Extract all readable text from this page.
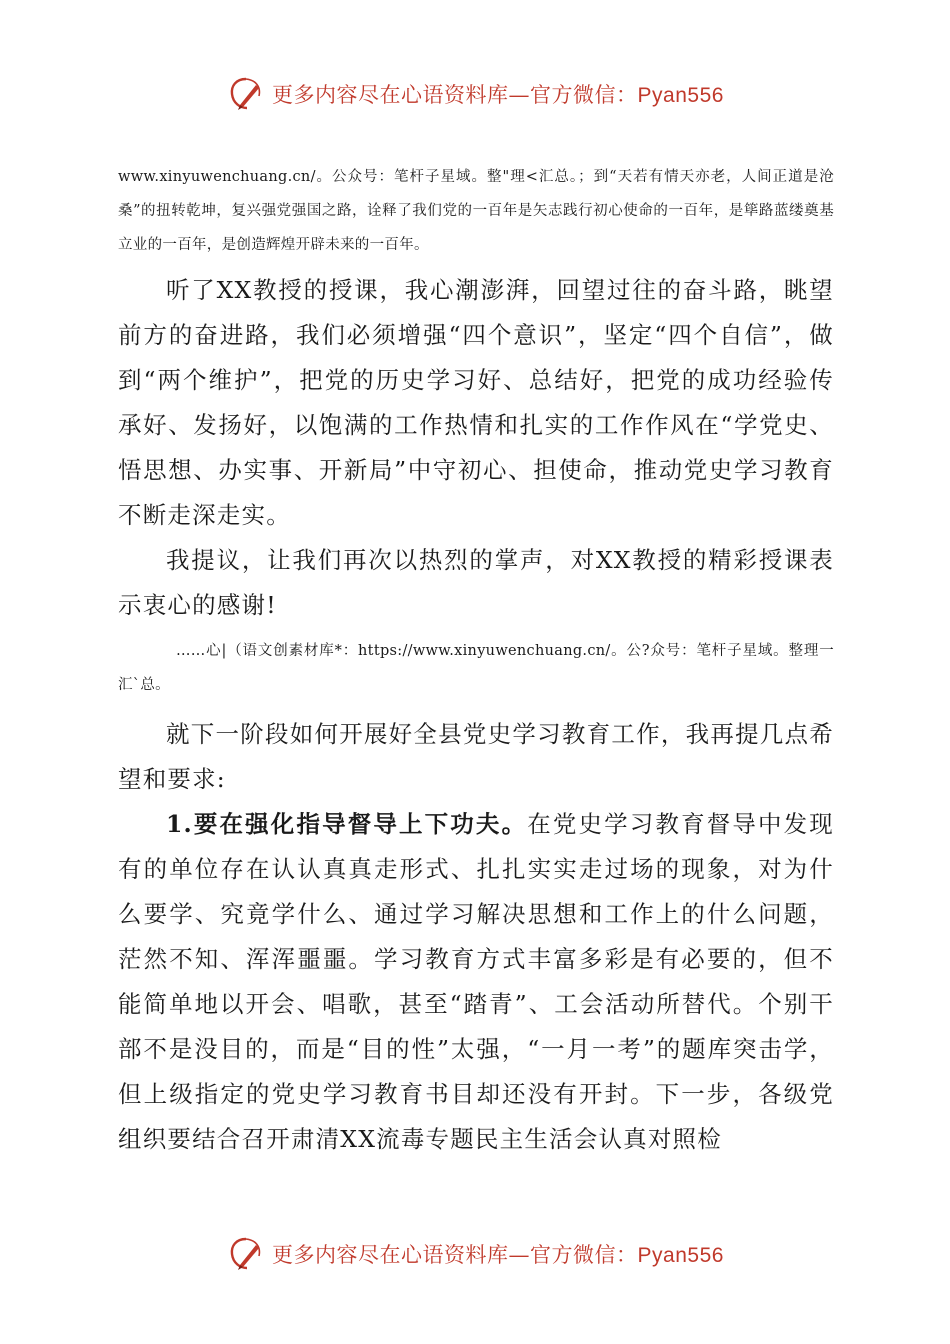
更多内容尽在心语资料库—官方微信：Pyan556

www.xinyuwenchuang.cn/。公众号：笔杆子星域。整"理<汇总。；到“天若有情天亦老，人间正道是沧桑”的扭转乾坤，复兴强党强国之路，诠释了我们党的一百年是矢志践行初心使命的一百年，是筚路蓝缕奠基立业的一百年，是创造辉煌开辟未来的一百年。

听了XX教授的授课，我心潮澎湃，回望过往的奋斗路，眺望前方的奋进路，我们必须增强“四个意识”，坚定“四个自信”，做到“两个维护”，把党的历史学习好、总结好，把党的成功经验传承好、发扬好，以饱满的工作热情和扎实的工作作风在“学党史、悟思想、办实事、开新局”中守初心、担使命，推动党史学习教育不断走深走实。

我提议，让我们再次以热烈的掌声，对XX教授的精彩授课表示衷心的感谢!

……心|（语文创素材库*：https://www.xinyuwenchuang.cn/。公?众号：笔杆子星域。整理一汇`总。

就下一阶段如何开展好全县党史学习教育工作，我再提几点希望和要求:

1.要在强化指导督导上下功夫。在党史学习教育督导中发现有的单位存在认认真真走形式、扎扎实实走过场的现象，对为什么要学、究竟学什么、通过学习解决思想和工作上的什么问题，茫然不知、浑浑噩噩。学习教育方式丰富多彩是有必要的，但不能简单地以开会、唱歌，甚至“踏青”、工会活动所替代。个别干部不是没目的，而是“目的性”太强，“一月一考”的题库突击学，但上级指定的党史学习教育书目却还没有开封。下一步，各级党组织要结合召开肃清XX流毒专题民主生活会认真对照检

更多内容尽在心语资料库—官方微信：Pyan556
